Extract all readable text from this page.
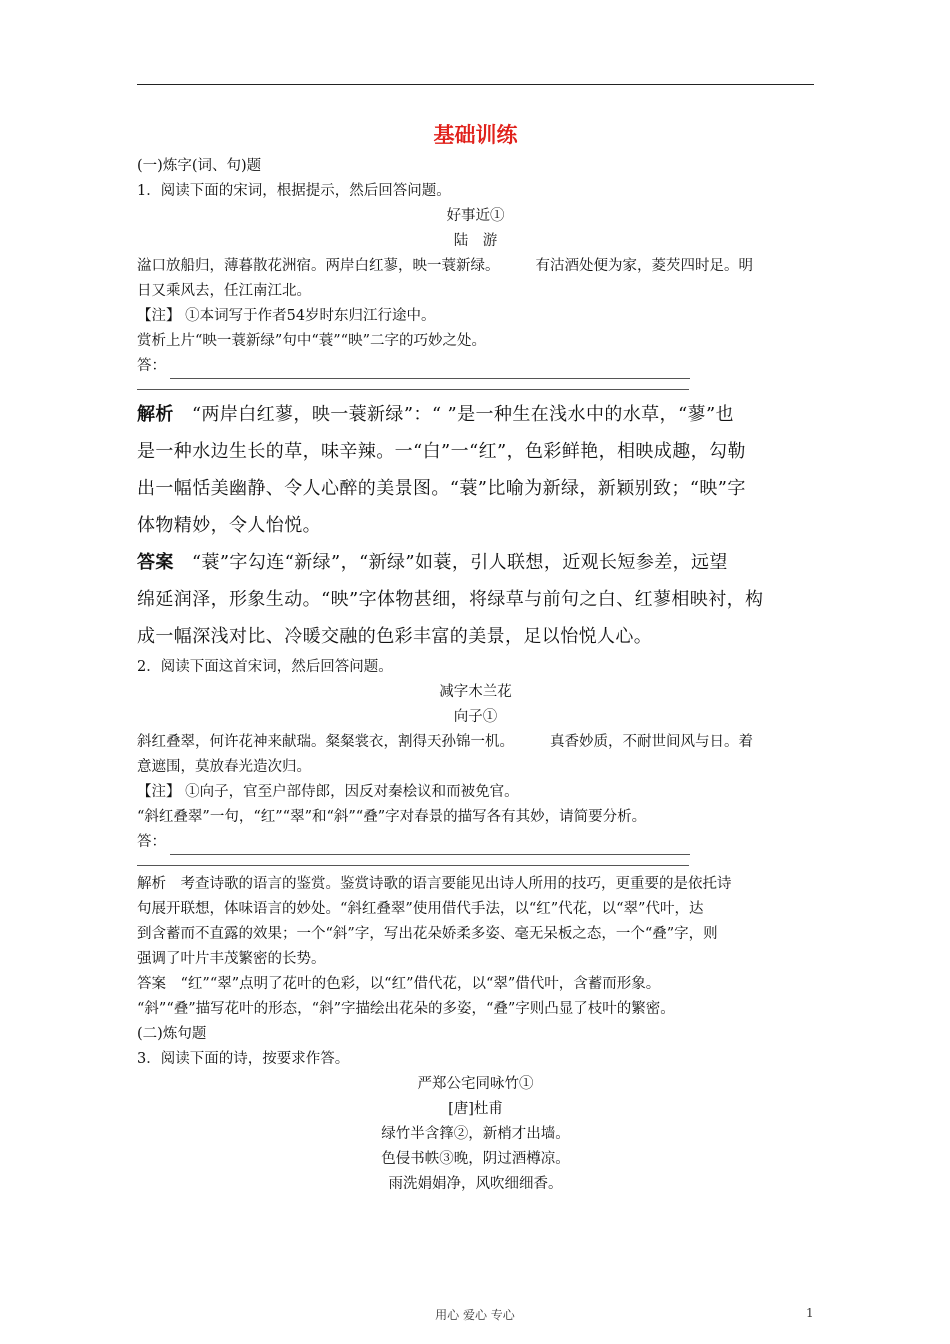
基础训练
(一)炼字(词、句)题
1．阅读下面的宋词，根据提示，然后回答问题。
好事近①
陆　游
湓口放船归，薄暮散花洲宿。两岸白红蓼，映一蓑新绿。 有沽酒处便为家，菱芡四时足。明
日又乘风去，任江南江北。
【注】 ①本词写于作者54岁时东归江行途中。
赏析上片“映一蓑新绿”句中“蓑”“映”二字的巧妙之处。
答：
解析 “两岸白红蓼，映一蓑新绿”：“ ”是一种生在浅水中的水草，“蓼”也
是一种水边生长的草，味辛辣。一“白”一“红”，色彩鲜艳，相映成趣，勾勒
出一幅恬美幽静、令人心醉的美景图。“蓑”比喻为新绿，新颖别致；“映”字
体物精妙，令人怡悦。
答案 “蓑”字勾连“新绿”，“新绿”如蓑，引人联想，近观长短参差，远望
绵延润泽，形象生动。“映”字体物甚细，将绿草与前句之白、红蓼相映衬，构
成一幅深浅对比、冷暖交融的色彩丰富的美景，足以怡悦人心。
2．阅读下面这首宋词，然后回答问题。
减字木兰花
向子①
斜红叠翠，何许花神来献瑞。粲粲裳衣，割得天孙锦一机。 真香妙质，不耐世间风与日。着
意遮围，莫放春光造次归。
【注】 ①向子，官至户部侍郎，因反对秦桧议和而被免官。
“斜红叠翠”一句，“红”“翠”和“斜”“叠”字对春景的描写各有其妙，请简要分析。
答：
解析　考查诗歌的语言的鉴赏。鉴赏诗歌的语言要能见出诗人所用的技巧，更重要的是依托诗
句展开联想，体味语言的妙处。“斜红叠翠”使用借代手法，以“红”代花，以“翠”代叶，达
到含蓄而不直露的效果；一个“斜”字，写出花朵娇柔多姿、毫无呆板之态，一个“叠”字，则
强调了叶片丰茂繁密的长势。
答案　“红”“翠”点明了花叶的色彩，以“红”借代花，以“翠”借代叶，含蓄而形象。
“斜”“叠”描写花叶的形态，“斜”字描绘出花朵的多姿，“叠”字则凸显了枝叶的繁密。
(二)炼句题
3．阅读下面的诗，按要求作答。
严郑公宅同咏竹①
[唐]杜甫
绿竹半含箨②，新梢才出墙。
色侵书帙③晚，阴过酒樽凉。
雨洗娟娟净，风吹细细香。
用心 爱心 专心	1
